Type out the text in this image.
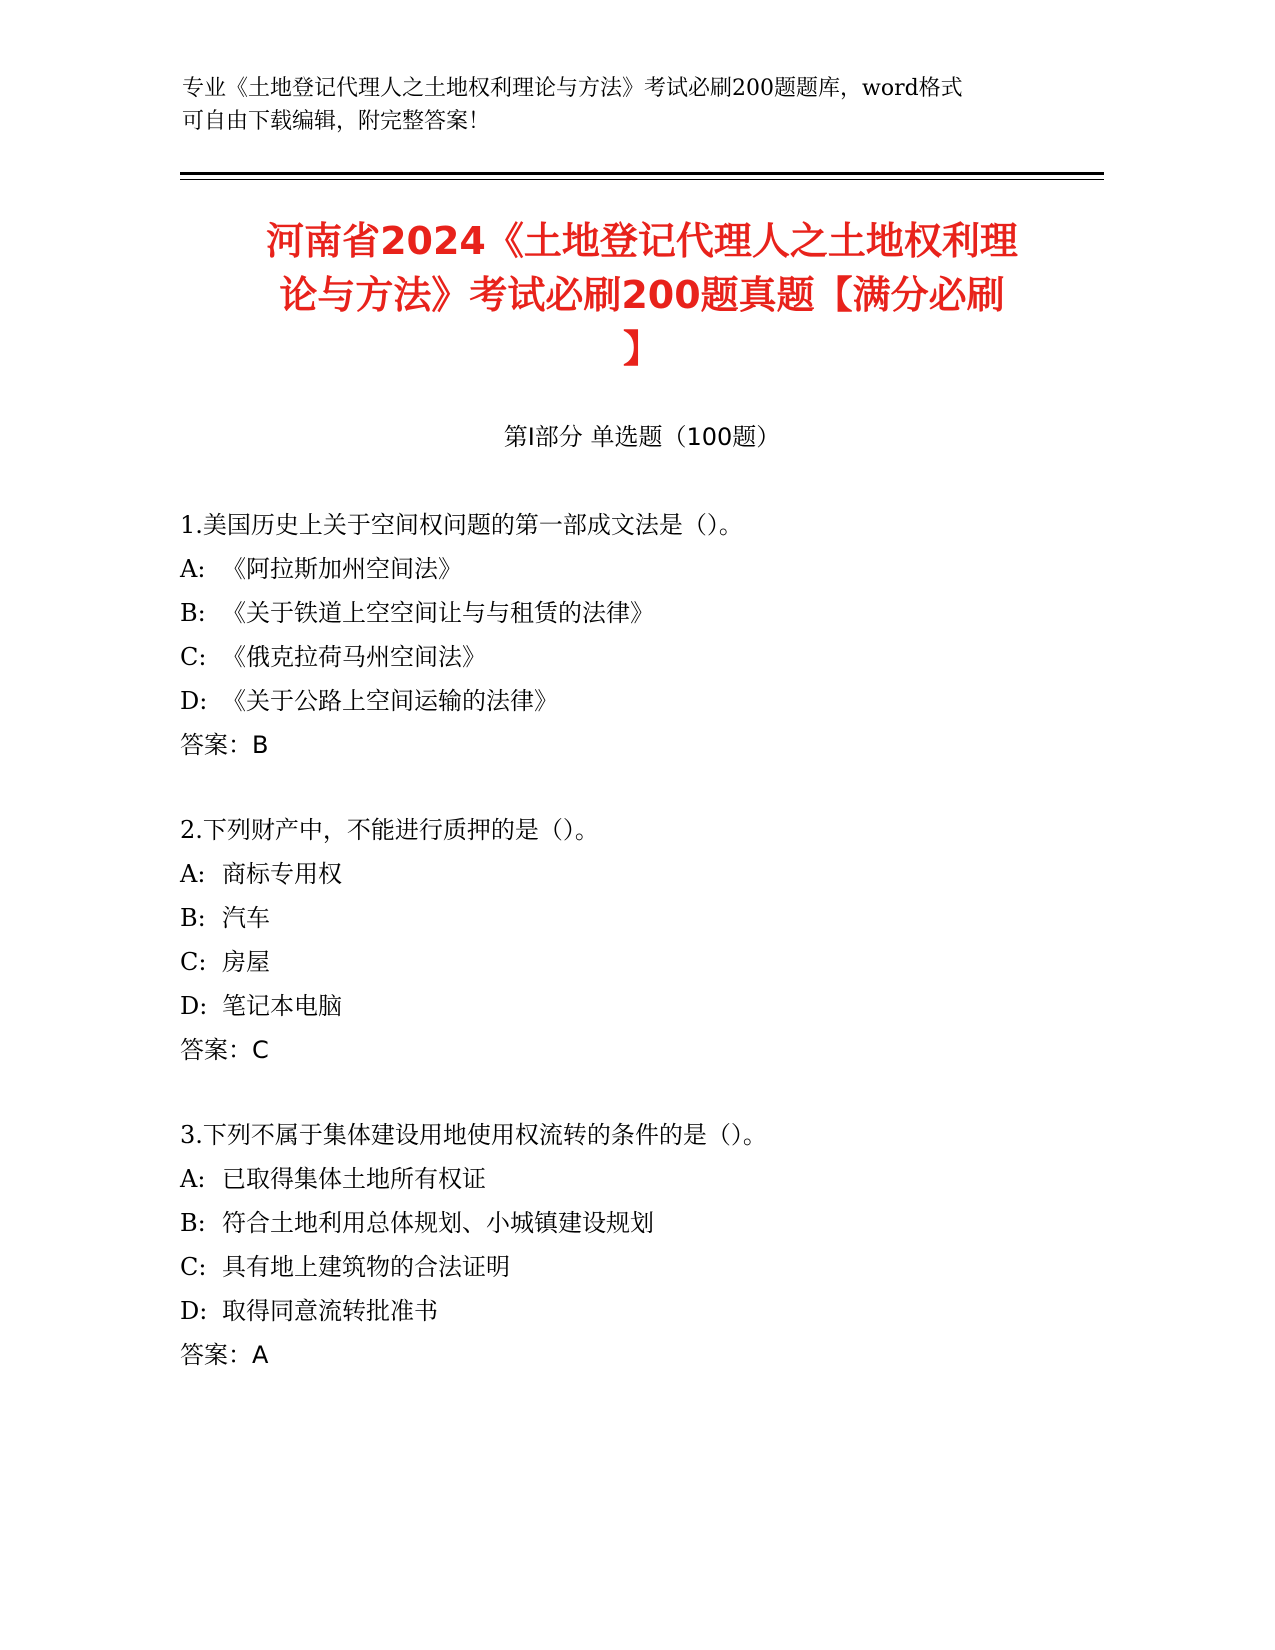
专业《土地登记代理人之土地权利理论与方法》考试必刷200题题库，word格式
可自由下载编辑，附完整答案！
河南省2024《土地登记代理人之土地权利理
论与方法》考试必刷200题真题【满分必刷
】
第Ⅰ部分 单选题（100题）
1.美国历史上关于空间权问题的第一部成文法是（）。
A: 《阿拉斯加州空间法》
B: 《关于铁道上空空间让与与租赁的法律》
C: 《俄克拉荷马州空间法》
D: 《关于公路上空间运输的法律》
答案：B
2.下列财产中，不能进行质押的是（）。
A: 商标专用权
B: 汽车
C: 房屋
D: 笔记本电脑
答案：C
3.下列不属于集体建设用地使用权流转的条件的是（）。
A: 已取得集体土地所有权证
B: 符合土地利用总体规划、小城镇建设规划
C: 具有地上建筑物的合法证明
D: 取得同意流转批准书
答案：A
